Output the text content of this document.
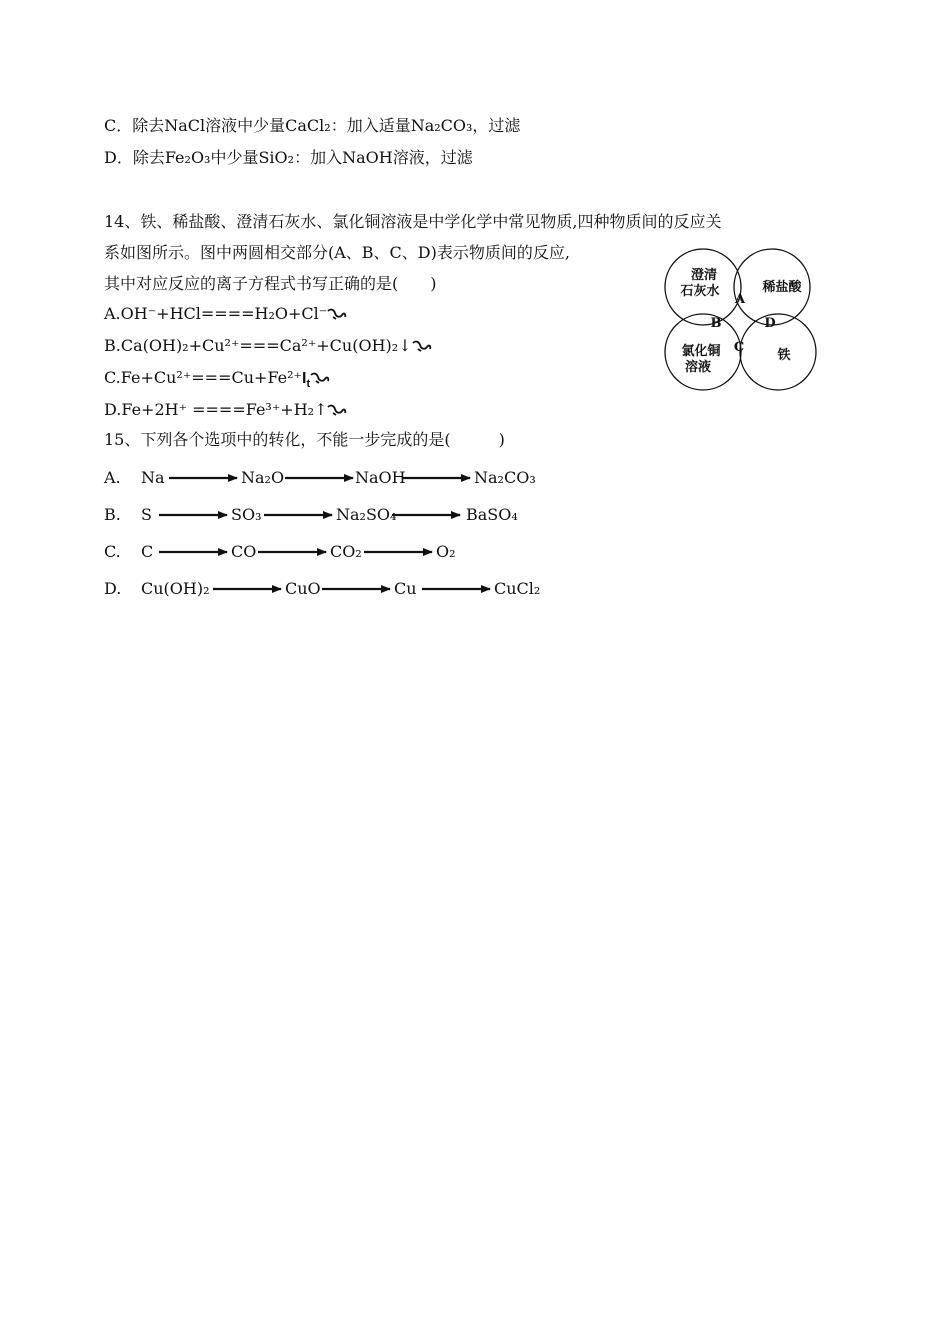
C．除去NaCl溶液中少量CaCl₂：加入适量Na₂CO₃，过滤
D．除去Fe₂O₃中少量SiO₂：加入NaOH溶液，过滤

14、铁、稀盐酸、澄清石灰水、氯化铜溶液是中学化学中常见物质,四种物质间的反应关

系如图所示。图中两圆相交部分(A、B、C、D)表示物质间的反应,

其中对应反应的离子方程式书写正确的是(　　)

A.OH⁻+HCl====H₂O+Cl⁻
B.Ca(OH)₂+Cu²⁺===Ca²⁺+Cu(OH)₂↓
$C.Fe+Cu^{2+}===Cu+Fe^{2+}I_t$
D.Fe+2H⁺ ====Fe³⁺+H₂↑
澄清
石灰水	稀盐酸
氯化铜
溶液
铁
A
B
C
D
15、下列各个选项中的转化，不能一步完成的是(　　　)
A. Na	Na₂O	NaOH	Na₂CO₃
B. S	SO₃	Na₂SO₄	BaSO₄
C. C	CO	CO₂	O₂
D. Cu(OH)₂	CuO	Cu	CuCl₂
